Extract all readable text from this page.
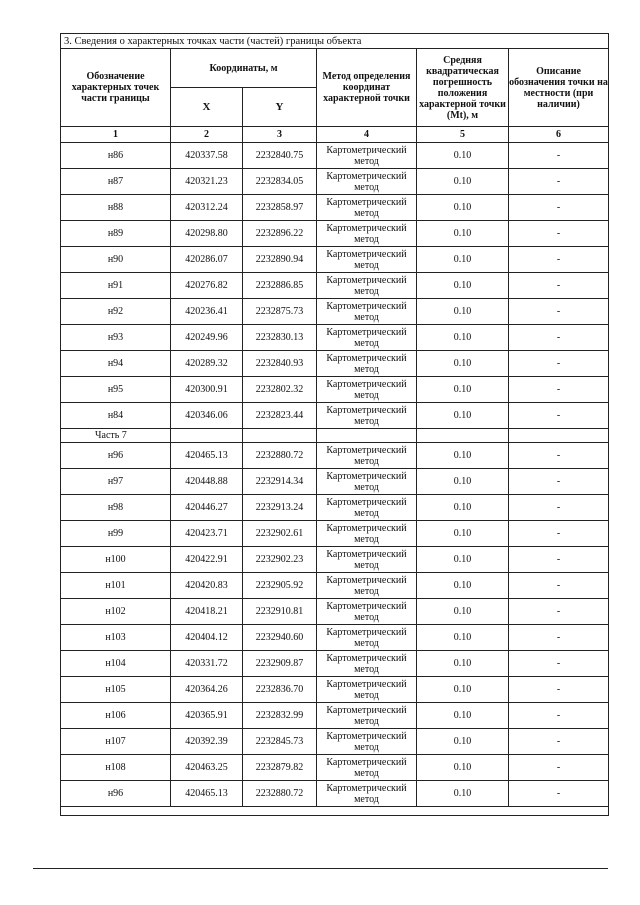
3. Сведения о характерных точках части (частей) границы объекта					
Обозначение характерных точек части границы	Координаты, м		Метод определения координат характерной точки	Средняя квадратическая погрешность положения характерной точки (Mt), м	Описание обозначения точки на местности (при наличии)
	X	Y			
1	2	3	4	5	6
н86	420337.58	2232840.75	Картометрический метод	0.10	-
н87	420321.23	2232834.05	Картометрический метод	0.10	-
н88	420312.24	2232858.97	Картометрический метод	0.10	-
н89	420298.80	2232896.22	Картометрический метод	0.10	-
н90	420286.07	2232890.94	Картометрический метод	0.10	-
н91	420276.82	2232886.85	Картометрический метод	0.10	-
н92	420236.41	2232875.73	Картометрический метод	0.10	-
н93	420249.96	2232830.13	Картометрический метод	0.10	-
н94	420289.32	2232840.93	Картометрический метод	0.10	-
н95	420300.91	2232802.32	Картометрический метод	0.10	-
н84	420346.06	2232823.44	Картометрический метод	0.10	-
Часть 7					
н96	420465.13	2232880.72	Картометрический метод	0.10	-
н97	420448.88	2232914.34	Картометрический метод	0.10	-
н98	420446.27	2232913.24	Картометрический метод	0.10	-
н99	420423.71	2232902.61	Картометрический метод	0.10	-
н100	420422.91	2232902.23	Картометрический метод	0.10	-
н101	420420.83	2232905.92	Картометрический метод	0.10	-
н102	420418.21	2232910.81	Картометрический метод	0.10	-
н103	420404.12	2232940.60	Картометрический метод	0.10	-
н104	420331.72	2232909.87	Картометрический метод	0.10	-
н105	420364.26	2232836.70	Картометрический метод	0.10	-
н106	420365.91	2232832.99	Картометрический метод	0.10	-
н107	420392.39	2232845.73	Картометрический метод	0.10	-
н108	420463.25	2232879.82	Картометрический метод	0.10	-
н96	420465.13	2232880.72	Картометрический метод	0.10	-
